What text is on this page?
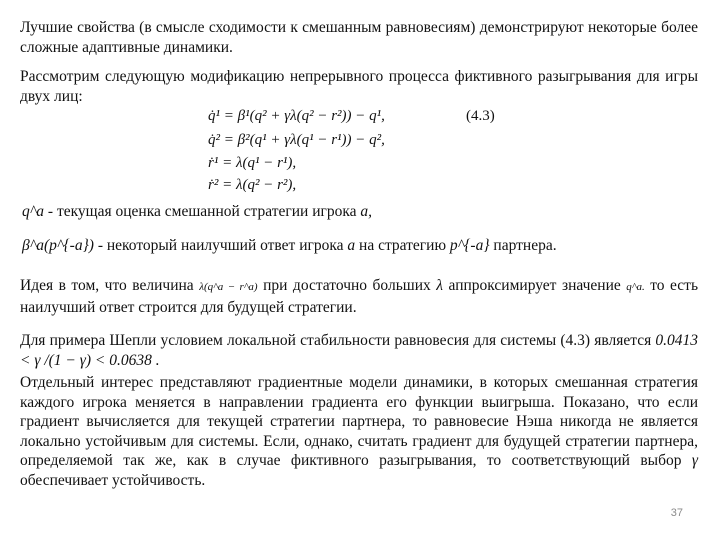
Лучшие свойства (в смысле сходимости к смешанным равновесиям) демонстрируют некоторые более сложные адаптивные динамики.
Рассмотрим следующую модификацию непрерывного процесса фиктивного разыгрывания для игры двух лиц:
q̇¹ = β¹(q² + γλ(q² − r²)) − q¹,	(4.3)
q̇² = β²(q¹ + γλ(q¹ − r¹)) − q²,
ṙ¹ = λ(q¹ − r¹),
ṙ² = λ(q² − r²),
q^a - текущая оценка смешанной стратегии игрока a,
β^a(p^{-a}) - некоторый наилучший ответ игрока a на стратегию p^{-a} партнера.
Идея в том, что величина λ(q^a − r^a) при достаточно больших λ аппроксимирует значение q^a. то есть наилучший ответ строится для будущей стратегии.
Для примера Шепли условием локальной стабильности равновесия для системы (4.3) является 0.0413 < γ /(1 − γ) < 0.0638 .
Отдельный интерес представляют градиентные модели динамики, в которых смешанная стратегия каждого игрока меняется в направлении градиента его функции выигрыша. Показано, что если градиент вычисляется для текущей стратегии партнера, то равновесие Нэша никогда не является локально устойчивым для системы. Если, однако, считать градиент для будущей стратегии партнера, определяемой так же, как в случае фиктивного разыгрывания, то соответствующий выбор γ обеспечивает устойчивость.
37
